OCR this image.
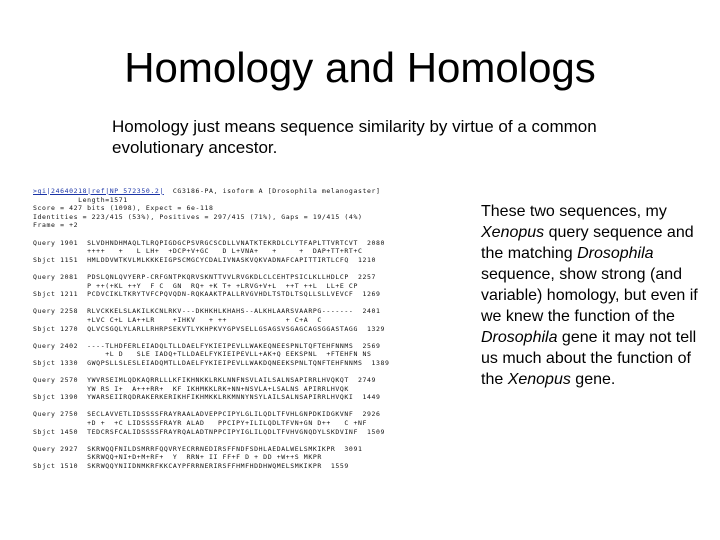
Homology and Homologs

Homology just means sequence similarity by virtue of a common evolutionary ancestor.

>gi|24640218|ref|NP_572350.2|  CG3186-PA, isoform A [Drosophila melanogaster]
Length=1571
Score = 427 bits (1098), Expect = 6e-118
Identities = 223/415 (53%), Positives = 297/415 (71%), Gaps = 19/415 (4%)
Frame = +2

Query 1901  SLVDHNDHMAQLTLRQPIGDGCPSVRGCSCDLLVNATKTEKRDLCLYTFAPLTTVRTCVT  2080
++++   +   L LH+  +DCP+V+GC   D L+VNA+   +     +  DAP+TT+RT+C
Sbjct 1151  HMLDDVWTKVLMLKKKEIGPSCMGCYCDALIVNASKVQKVADNAFCAPITTIRTLCFQ  1210

Query 2081  PDSLQNLQVYERP-CRFGNTPKQRVSKNTTVVLRVGKDLCLCEHTPSICLKLLHDLCP  2257
P ++(+KL ++Y  F C  GN  RQ+ +K T+ +LRVG+V+L  ++T ++L  LL+E CP
Sbjct 1211  PCDVCIKLTKRYTVFCPQVQDN-RQKAAKTPALLRVGVHDLTSTDLTSQLLSLLVEVCF  1269

Query 2258  RLVCKKELSLAKILKCNLRKV---DKHKHLKHAHS--ALKHLAARSVAARPG-------  2401
+LVC C+L LA++LR    +IHKV   + ++             + C+A  C
Sbjct 1270  QLVCSGQLYLARLLRHRPSEKVTLYKHPKVYGPVSELLGSAGSVSGAGCAGSGGASTAGG  1329

Query 2402  ----TLHDFERLEIADQLTLLDAELFYKIEIPEVLLWAKEQNEESPNLTQFTEHFNNMS  2569
+L D   SLE IADQ+TLLDAELFYKIEIPEVLL+AK+Q EEKSPNL  +FTEHFN NS
Sbjct 1330  GWQPSLLSLESLEIADQMTLLDAELFYKIEIPEVLLWAKDQNEEKSPNLTQNFTEHFNNMS  1389

Query 2570  YWVRSEIMLQDKAQRRLLLKFIKHNKKLRKLNNFNSVLAILSALNSAPIRRLHVQKQT  2749
YW RS I+  A+++RR+  KF IKHMKKLRK+NN+NSVLA+LSALNS APIRRLHVQK
Sbjct 1390  YWARSEIIRQDRAKERKERIKHFIKHMKKLRKMNNYNSYLAILSALNSAPIRRLHVQKI  1449

Query 2750  SECLAVVETLIDSSSSFRAYRAALADVEPPCIPYLGLILQDLTFVHLGNPDKIDGKVNF  2926
+D +  +C LIDSSSSFRAYR ALAD   PPCIPY+ILILQDLTFVN+GN D++   C +NF
Sbjct 1450  TEDCRSFCALIDSSSSFRAYRQALADTNPPCIPYIGLILQDLTFVHVGNQDYLSKDVINF  1509

Query 2927  SKRWQQFNILDSMRRFQQVRYECRRNEDIRSFFNDFSDHLAEDALWELSMKIKPR  3091
SKRWQQ+NI+D+M+RF+  Y  RRN+ II FF+F D + DD +W++S MKPR
Sbjct 1510  SKRWQQYNIIDNMKRFKKCAYPFRRNERIRSFFHMFHDDHWQMELSMKIKPR  1559

These two sequences, my Xenopus query sequence and the matching Drosophila sequence, show strong (and variable) homology, but even if we knew the function of the Drosophila gene it may not tell us much about the function of the Xenopus gene.
